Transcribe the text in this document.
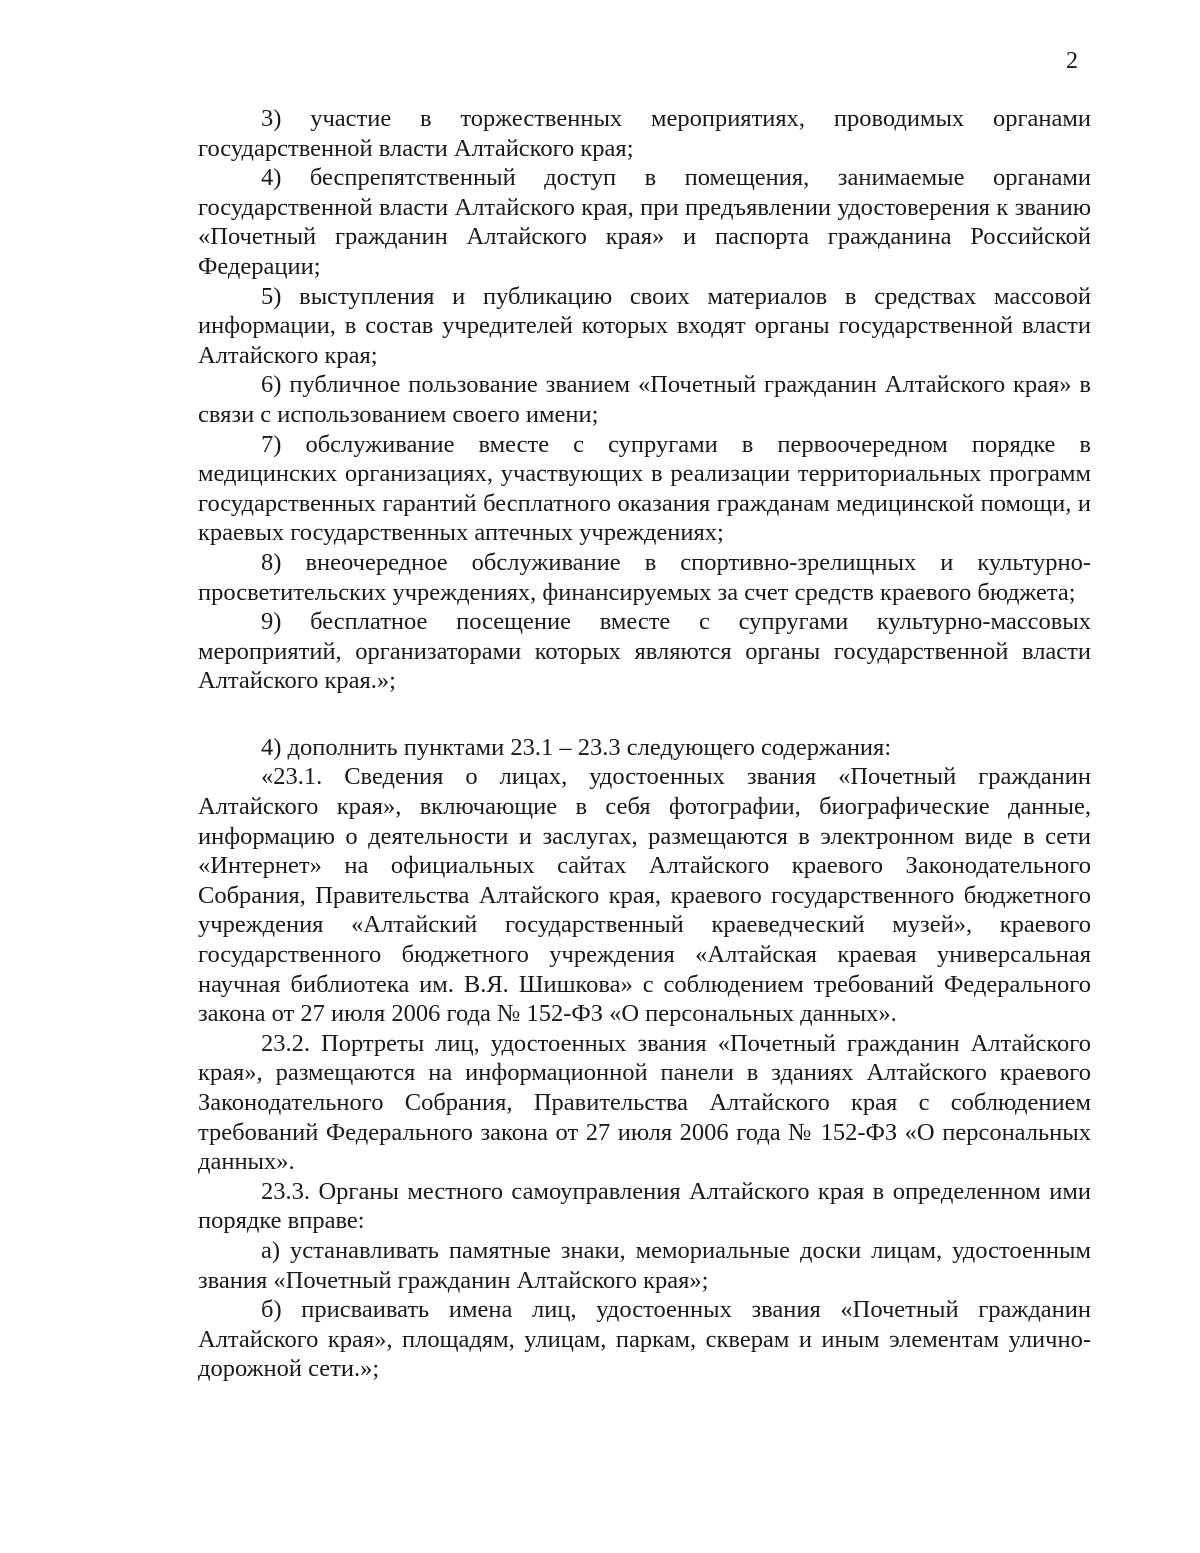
2

3) участие в торжественных мероприятиях, проводимых органами государственной власти Алтайского края;

4) беспрепятственный доступ в помещения, занимаемые органами государственной власти Алтайского края, при предъявлении удостоверения к званию «Почетный гражданин Алтайского края» и паспорта гражданина Российской Федерации;

5) выступления и публикацию своих материалов в средствах массовой информации, в состав учредителей которых входят органы государственной власти Алтайского края;

6) публичное пользование званием «Почетный гражданин Алтайского края» в связи с использованием своего имени;

7) обслуживание вместе с супругами в первоочередном порядке в медицинских организациях, участвующих в реализации территориальных программ государственных гарантий бесплатного оказания гражданам медицинской помощи, и краевых государственных аптечных учреждениях;

8) внеочередное обслуживание в спортивно-зрелищных и культурно-просветительских учреждениях, финансируемых за счет средств краевого бюджета;

9) бесплатное посещение вместе с супругами культурно-массовых мероприятий, организаторами которых являются органы государственной власти Алтайского края.»;

4) дополнить пунктами 23.1 – 23.3 следующего содержания:

«23.1. Сведения о лицах, удостоенных звания «Почетный гражданин Алтайского края», включающие в себя фотографии, биографические данные, информацию о деятельности и заслугах, размещаются в электронном виде в сети «Интернет» на официальных сайтах Алтайского краевого Законодательного Собрания, Правительства Алтайского края, краевого государственного бюджетного учреждения «Алтайский государственный краеведческий музей», краевого государственного бюджетного учреждения «Алтайская краевая универсальная научная библиотека им. В.Я. Шишкова» с соблюдением требований Федерального закона от 27 июля 2006 года № 152-ФЗ «О персональных данных».

23.2. Портреты лиц, удостоенных звания «Почетный гражданин Алтайского края», размещаются на информационной панели в зданиях Алтайского краевого Законодательного Собрания, Правительства Алтайского края с соблюдением требований Федерального закона от 27 июля 2006 года № 152-ФЗ «О персональных данных».

23.3. Органы местного самоуправления Алтайского края в определенном ими порядке вправе:

а) устанавливать памятные знаки, мемориальные доски лицам, удостоенным звания «Почетный гражданин Алтайского края»;

б) присваивать имена лиц, удостоенных звания «Почетный гражданин Алтайского края», площадям, улицам, паркам, скверам и иным элементам улично-дорожной сети.»;
